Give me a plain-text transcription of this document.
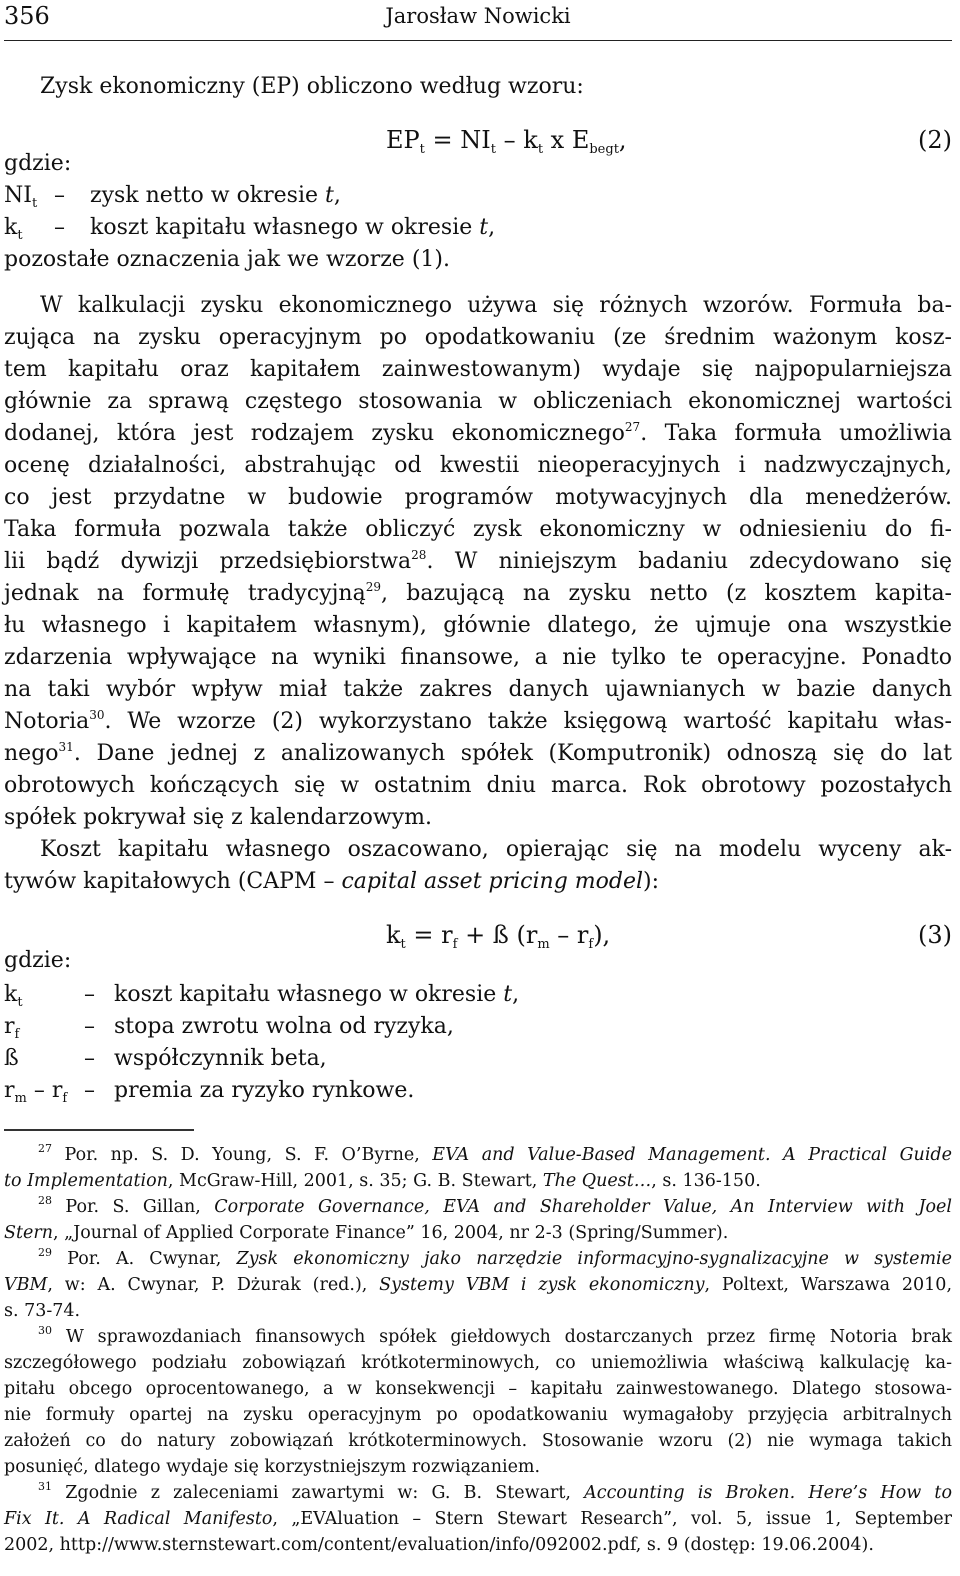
356	Jarosław Nowicki
Zysk ekonomiczny (EP) obliczono według wzoru:
$EP_t = NI_t - k_t$ x $E_{begt}$,	(2)
gdzie:
$NI_t$ – zysk netto w okresie t,
$k_t$ – koszt kapitału własnego w okresie t,
pozostałe oznaczenia jak we wzorze (1).
W kalkulacji zysku ekonomicznego używa się różnych wzorów. Formuła ba-
zująca na zysku operacyjnym po opodatkowaniu (ze średnim ważonym kosz-
tem kapitału oraz kapitałem zainwestowanym) wydaje się najpopularniejsza
głównie za sprawą częstego stosowania w obliczeniach ekonomicznej wartości
dodanej, która jest rodzajem zysku ekonomicznego$^{27}$. Taka formuła umożliwia
ocenę działalności, abstrahując od kwestii nieoperacyjnych i nadzwyczajnych,
co jest przydatne w budowie programów motywacyjnych dla menedżerów.
Taka formuła pozwala także obliczyć zysk ekonomiczny w odniesieniu do fi-
lii bądź dywizji przedsiębiorstwa$^{28}$. W niniejszym badaniu zdecydowano się
jednak na formułę tradycyjną$^{29}$, bazującą na zysku netto (z kosztem kapita-
łu własnego i kapitałem własnym), głównie dlatego, że ujmuje ona wszystkie
zdarzenia wpływające na wyniki finansowe, a nie tylko te operacyjne. Ponadto
na taki wybór wpływ miał także zakres danych ujawnianych w bazie danych
Notoria$^{30}$. We wzorze (2) wykorzystano także księgową wartość kapitału włas-
nego$^{31}$. Dane jednej z analizowanych spółek (Komputronik) odnoszą się do lat
obrotowych kończących się w ostatnim dniu marca. Rok obrotowy pozostałych
spółek pokrywał się z kalendarzowym.
Koszt kapitału własnego oszacowano, opierając się na modelu wyceny ak-
tywów kapitałowych (CAPM – capital asset pricing model):
$k_t = r_f$ + ß $(r_m - r_f)$,	(3)
gdzie:
$k_t$	– koszt kapitału własnego w okresie t,
$r_f$	– stopa zwrotu wolna od ryzyka,
ß	– współczynnik beta,
$r_m - r_f$ – premia za ryzyko rynkowe.
$^{27}$ Por. np. S. D. Young, S. F. O’Byrne, EVA and Value-Based Management. A Practical Guide
to Implementation, McGraw-Hill, 2001, s. 35; G. B. Stewart, The Quest…, s. 136-150.
$^{28}$ Por. S. Gillan, Corporate Governance, EVA and Shareholder Value, An Interview with Joel
Stern, „Journal of Applied Corporate Finance” 16, 2004, nr 2-3 (Spring/Summer).
$^{29}$ Por. A. Cwynar, Zysk ekonomiczny jako narzędzie informacyjno-sygnalizacyjne w systemie
VBM, w: A. Cwynar, P. Dżurak (red.), Systemy VBM i zysk ekonomiczny, Poltext, Warszawa 2010,
s. 73-74.
$^{30}$ W sprawozdaniach finansowych spółek giełdowych dostarczanych przez firmę Notoria brak
szczegółowego podziału zobowiązań krótkoterminowych, co uniemożliwia właściwą kalkulację ka-
pitału obcego oprocentowanego, a w konsekwencji – kapitału zainwestowanego. Dlatego stosowa-
nie formuły opartej na zysku operacyjnym po opodatkowaniu wymagałoby przyjęcia arbitralnych
założeń co do natury zobowiązań krótkoterminowych. Stosowanie wzoru (2) nie wymaga takich
posunięć, dlatego wydaje się korzystniejszym rozwiązaniem.
$^{31}$ Zgodnie z zaleceniami zawartymi w: G. B. Stewart, Accounting is Broken. Here’s How to
Fix It. A Radical Manifesto, „EVAluation – Stern Stewart Research”, vol. 5, issue 1, September
2002, http://www.sternstewart.com/content/evaluation/info/092002.pdf, s. 9 (dostęp: 19.06.2004).
